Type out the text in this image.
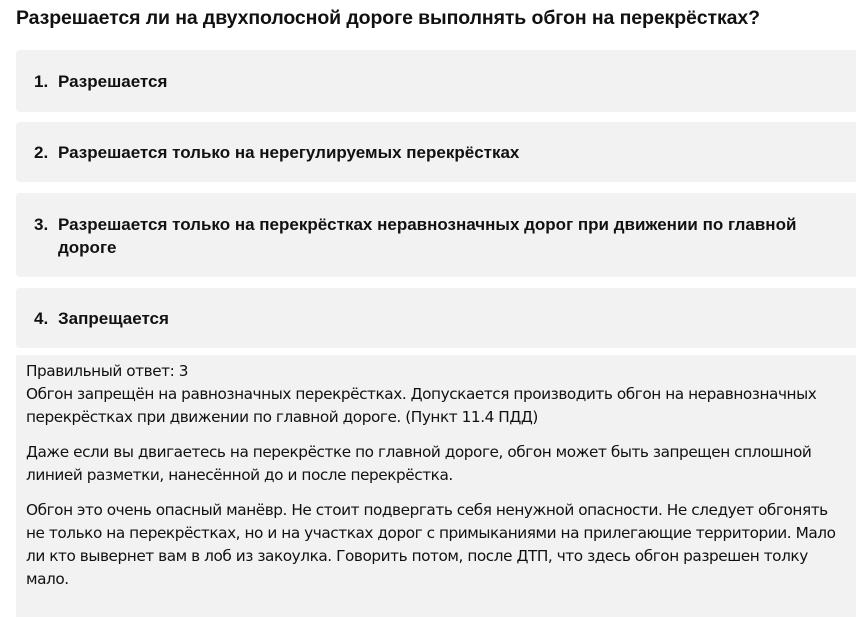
Разрешается ли на двухполосной дороге выполнять обгон на перекрёстках?
1. Разрешается
2. Разрешается только на нерегулируемых перекрёстках
3. Разрешается только на перекрёстках неравнозначных дорог при движении по главной дороге
4. Запрещается

Правильный ответ: 3

Обгон запрещён на равнозначных перекрёстках. Допускается производить обгон на неравнозначных перекрёстках при движении по главной дороге. (Пункт 11.4 ПДД)

Даже если вы двигаетесь на перекрёстке по главной дороге, обгон может быть запрещен сплошной линией разметки, нанесённой до и после перекрёстка.

Обгон это очень опасный манёвр. Не стоит подвергать себя ненужной опасности. Не следует обгонять не только на перекрёстках, но и на участках дорог с примыканиями на прилегающие территории. Мало ли кто вывернет вам в лоб из закоулка. Говорить потом, после ДТП, что здесь обгон разрешен толку мало.
